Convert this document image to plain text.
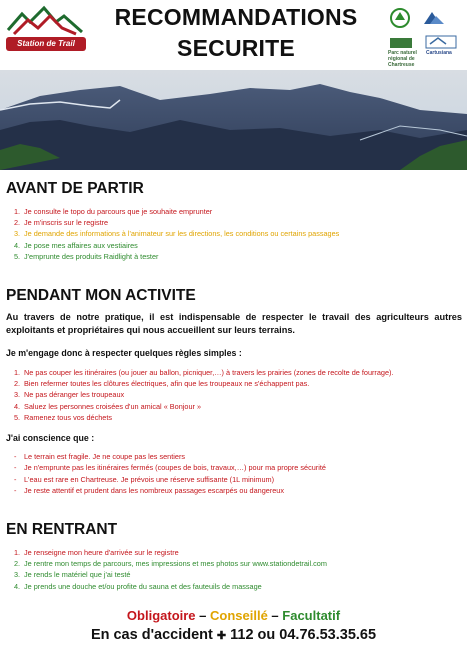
Station de Trail
RECOMMANDATIONS
SECURITE	Parc naturel régional de Chartreuse
Cartusiana
AVANT DE PARTIR
1. Je consulte le topo du parcours que je souhaite emprunter
2. Je m'inscris sur le registre
3. Je demande des informations à l'animateur sur les directions, les conditions ou certains passages
4. Je pose mes affaires aux vestiaires
5. J'emprunte des produits Raidlight à tester
PENDANT MON ACTIVITE
Au travers de notre pratique, il est indispensable de respecter le travail des agriculteurs autres exploitants et propriétaires qui nous accueillent sur leurs terrains.
Je m'engage donc à respecter quelques règles simples :
1. Ne pas couper les itinéraires (ou jouer au ballon, picniquer,…) à travers les prairies (zones de recolte de fourrage).
2. Bien refermer toutes les clôtures électriques, afin que les troupeaux ne s'échappent pas.
3. Ne pas déranger les troupeaux
4. Saluez les personnes croisées d'un amical « Bonjour »
5. Ramenez tous vos déchets
J'ai conscience que :
- Le terrain est fragile. Je ne coupe pas les sentiers
- Je n'emprunte pas les itinéraires fermés (coupes de bois, travaux,…) pour ma propre sécurité
- L'eau est rare en Chartreuse. Je prévois une réserve suffisante (1L minimum)
- Je reste attentif et prudent dans les nombreux passages escarpés ou dangereux
EN RENTRANT
1. Je renseigne mon heure d'arrivée sur le registre
2. Je rentre mon temps de parcours, mes impressions et mes photos sur www.stationdetrail.com
3. Je rends le matériel que j'ai testé
4. Je prends une douche et/ou profite du sauna et des fauteuils de massage
Obligatoire – Conseillé – Facultatif
En cas d'accident ✚ 112 ou 04.76.53.35.65
